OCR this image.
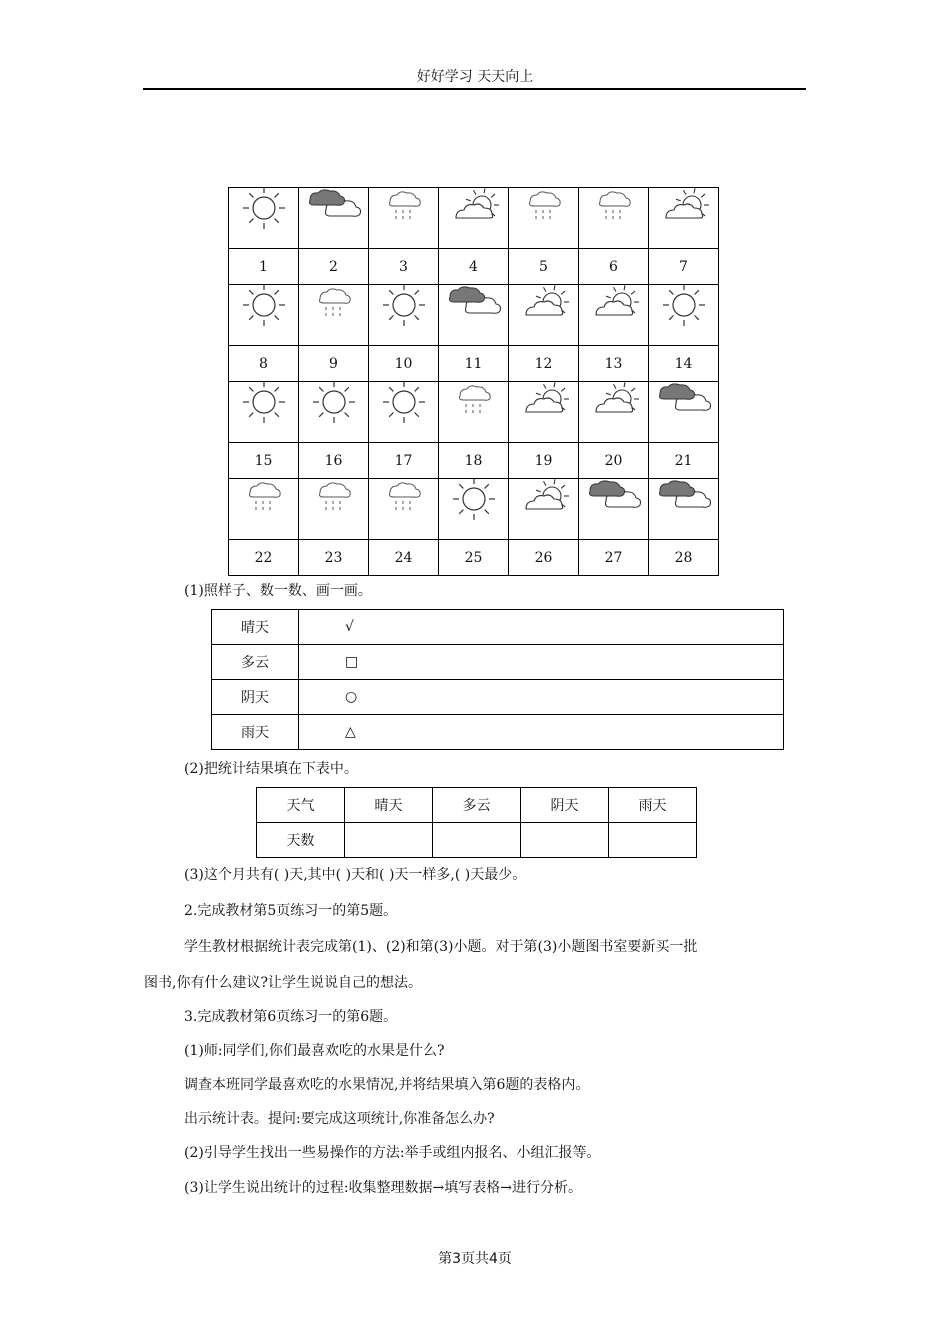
好好学习 天天向上

1	2	3	4	5	6	7

8	9	10	11	12	13	14

15	16	17	18	19	20	21

22	23	24	25	26	27	28
(1)照样子、数一数、画一画。
晴天	√
多云	□
阴天	○
雨天	△
(2)把统计结果填在下表中。
天气	晴天	多云	阴天	雨天
天数				
(3)这个月共有( )天,其中( )天和( )天一样多,( )天最少。
2.完成教材第5页练习一的第5题。
学生教材根据统计表完成第(1)、(2)和第(3)小题。对于第(3)小题图书室要新买一批
图书,你有什么建议?让学生说说自己的想法。
3.完成教材第6页练习一的第6题。
(1)师:同学们,你们最喜欢吃的水果是什么?
调查本班同学最喜欢吃的水果情况,并将结果填入第6题的表格内。
出示统计表。提问:要完成这项统计,你准备怎么办?
(2)引导学生找出一些易操作的方法:举手或组内报名、小组汇报等。
(3)让学生说出统计的过程:收集整理数据→填写表格→进行分析。
第3页共4页
